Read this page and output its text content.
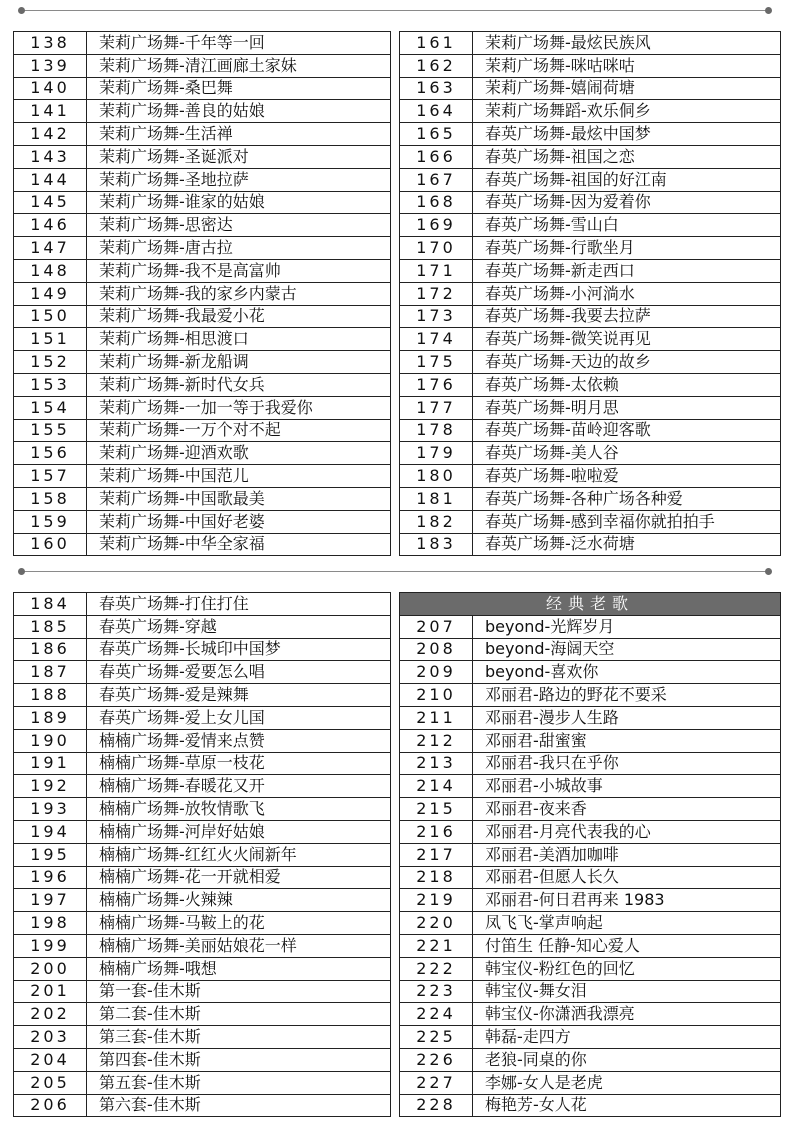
138	茉莉广场舞-千年等一回
139	茉莉广场舞-清江画廊土家妹
140	茉莉广场舞-桑巴舞
141	茉莉广场舞-善良的姑娘
142	茉莉广场舞-生活禅
143	茉莉广场舞-圣诞派对
144	茉莉广场舞-圣地拉萨
145	茉莉广场舞-谁家的姑娘
146	茉莉广场舞-思密达
147	茉莉广场舞-唐古拉
148	茉莉广场舞-我不是高富帅
149	茉莉广场舞-我的家乡内蒙古
150	茉莉广场舞-我最爱小花
151	茉莉广场舞-相思渡口
152	茉莉广场舞-新龙船调
153	茉莉广场舞-新时代女兵
154	茉莉广场舞-一加一等于我爱你
155	茉莉广场舞-一万个对不起
156	茉莉广场舞-迎酒欢歌
157	茉莉广场舞-中国范儿
158	茉莉广场舞-中国歌最美
159	茉莉广场舞-中国好老婆
160	茉莉广场舞-中华全家福
161	茉莉广场舞-最炫民族风
162	茉莉广场舞-咪咕咪咕
163	茉莉广场舞-嬉闹荷塘
164	茉莉广场舞蹈-欢乐侗乡
165	春英广场舞-最炫中国梦
166	春英广场舞-祖国之恋
167	春英广场舞-祖国的好江南
168	春英广场舞-因为爱着你
169	春英广场舞-雪山白
170	春英广场舞-行歌坐月
171	春英广场舞-新走西口
172	春英广场舞-小河淌水
173	春英广场舞-我要去拉萨
174	春英广场舞-微笑说再见
175	春英广场舞-天边的故乡
176	春英广场舞-太依赖
177	春英广场舞-明月思
178	春英广场舞-苗岭迎客歌
179	春英广场舞-美人谷
180	春英广场舞-啦啦爱
181	春英广场舞-各种广场各种爱
182	春英广场舞-感到幸福你就拍拍手
183	春英广场舞-泛水荷塘
184	春英广场舞-打住打住
185	春英广场舞-穿越
186	春英广场舞-长城印中国梦
187	春英广场舞-爱要怎么唱
188	春英广场舞-爱是辣舞
189	春英广场舞-爱上女儿国
190	楠楠广场舞-爱情来点赞
191	楠楠广场舞-草原一枝花
192	楠楠广场舞-春暖花又开
193	楠楠广场舞-放牧情歌飞
194	楠楠广场舞-河岸好姑娘
195	楠楠广场舞-红红火火闹新年
196	楠楠广场舞-花一开就相爱
197	楠楠广场舞-火辣辣
198	楠楠广场舞-马鞍上的花
199	楠楠广场舞-美丽姑娘花一样
200	楠楠广场舞-哦想
201	第一套-佳木斯
202	第二套-佳木斯
203	第三套-佳木斯
204	第四套-佳木斯
205	第五套-佳木斯
206	第六套-佳木斯
经典老歌	
207	beyond-光辉岁月
208	beyond-海阔天空
209	beyond-喜欢你
210	邓丽君-路边的野花不要采
211	邓丽君-漫步人生路
212	邓丽君-甜蜜蜜
213	邓丽君-我只在乎你
214	邓丽君-小城故事
215	邓丽君-夜来香
216	邓丽君-月亮代表我的心
217	邓丽君-美酒加咖啡
218	邓丽君-但愿人长久
219	邓丽君-何日君再来 1983
220	凤飞飞-掌声响起
221	付笛生 任静-知心爱人
222	韩宝仪-粉红色的回忆
223	韩宝仪-舞女泪
224	韩宝仪-你潇洒我漂亮
225	韩磊-走四方
226	老狼-同桌的你
227	李娜-女人是老虎
228	梅艳芳-女人花
